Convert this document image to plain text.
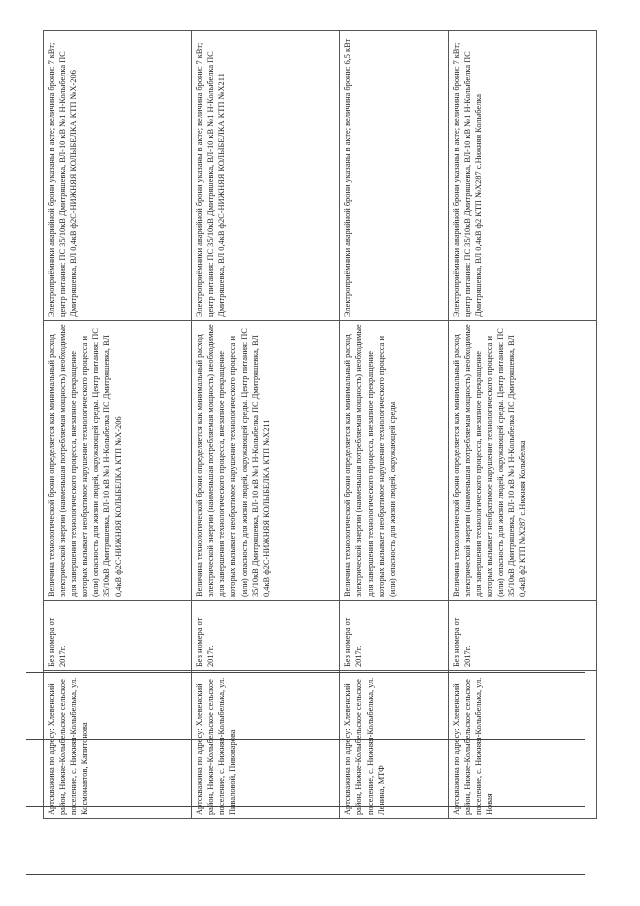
Артскважина по адресу: Хлевенский район, Нижне-Колыбельское сельское поселение, с. Нижняя-Колыбелька, ул. Космонавтов, Капитонова	Без номера от 2017г.	Величина технологической брони определяется как минимальный расход электрической энергии (наименьшая потребляемая мощность) необходимые для завершения технологического процесса, внезапное прекращение которых вызывает необратимое нарушение технологического процесса и (или) опасность для жизни людей, окружающей среды. Центр питания: ПС 35/10кВ Дмитряшевка, ВЛ-10 кВ №1 Н-Колыбелка ПС Дмитряшевка, ВЛ 0,4кВ ф2С-НИЖНЯЯ КОЛЫБЕЛКА КТП №Х-206	Электроприёмники аварийной брони указаны в акте; величина брони: 7 кВт; центр питания: ПС 35/10кВ Дмитряшевка, ВЛ-10 кВ №1 Н-Колыбелка ПС Дмитряшевка, ВЛ 0,4кВ ф2С-НИЖНЯЯ КОЛЫБЕЛКА КТП №Х-206
Артскважина по адресу: Хлевенский район, Нижне-Колыбельское сельское поселение, с. Нижняя-Колыбелька, ул. Пиваловой, Пивоварова	Без номера от 2017г.	Величина технологической брони определяется как минимальный расход электрической энергии (наименьшая потребляемая мощность) необходимые для завершения технологического процесса, внезапное прекращение которых вызывает необратимое нарушение технологического процесса и (или) опасность для жизни людей, окружающей среды. Центр питания: ПС 35/10кВ Дмитряшевка, ВЛ-10 кВ №1 Н-Колыбелка ПС Дмитряшевка, ВЛ 0,4кВ ф2С-НИЖНЯЯ КОЛЫБЕЛКА КТП №Х211	Электроприёмники аварийной брони указаны в акте; величина брони: 7 кВт; центр питания: ПС 35/10кВ Дмитряшевка, ВЛ-10 кВ №1 Н-Колыбелка ПС Дмитряшевка, ВЛ 0,4кВ ф2С-НИЖНЯЯ КОЛЫБЕЛКА КТП №Х211
Артскважина по адресу: Хлевенский район, Нижне-Колыбельское сельское поселение, с. Нижняя-Колыбелька, ул. Ленина, МТФ	Без номера от 2017г.	Величина технологической брони определяется как минимальный расход электрической энергии (наименьшая потребляемая мощность) необходимые для завершения технологического процесса, внезапное прекращение которых вызывает необратимое нарушение технологического процесса и (или) опасность для жизни людей, окружающей среды	Электроприёмники аварийной брони указаны в акте; величина брони: 6,5 кВт
Артскважина по адресу: Хлевенский район, Нижне-Колыбельское сельское поселение, с. Нижняя-Колыбелька, ул. Новая	Без номера от 2017г.	Величина технологической брони определяется как минимальный расход электрической энергии (наименьшая потребляемая мощность) необходимые для завершения технологического процесса, внезапное прекращение которых вызывает необратимое нарушение технологического процесса и (или) опасность для жизни людей, окружающей среды. Центр питания: ПС 35/10кВ Дмитряшевка, ВЛ-10 кВ №1 Н-Колыбелка ПС Дмитряшевка, ВЛ 0,4кВ ф2 КТП №Х287 с.Нижняя Колыбелка	Электроприёмники аварийной брони указаны в акте; величина брони: 7 кВт; центр питания: ПС 35/10кВ Дмитряшевка, ВЛ-10 кВ №1 Н-Колыбелка ПС Дмитряшевка, ВЛ 0,4кВ ф2 КТП №Х287 с.Нижняя Колыбелка
